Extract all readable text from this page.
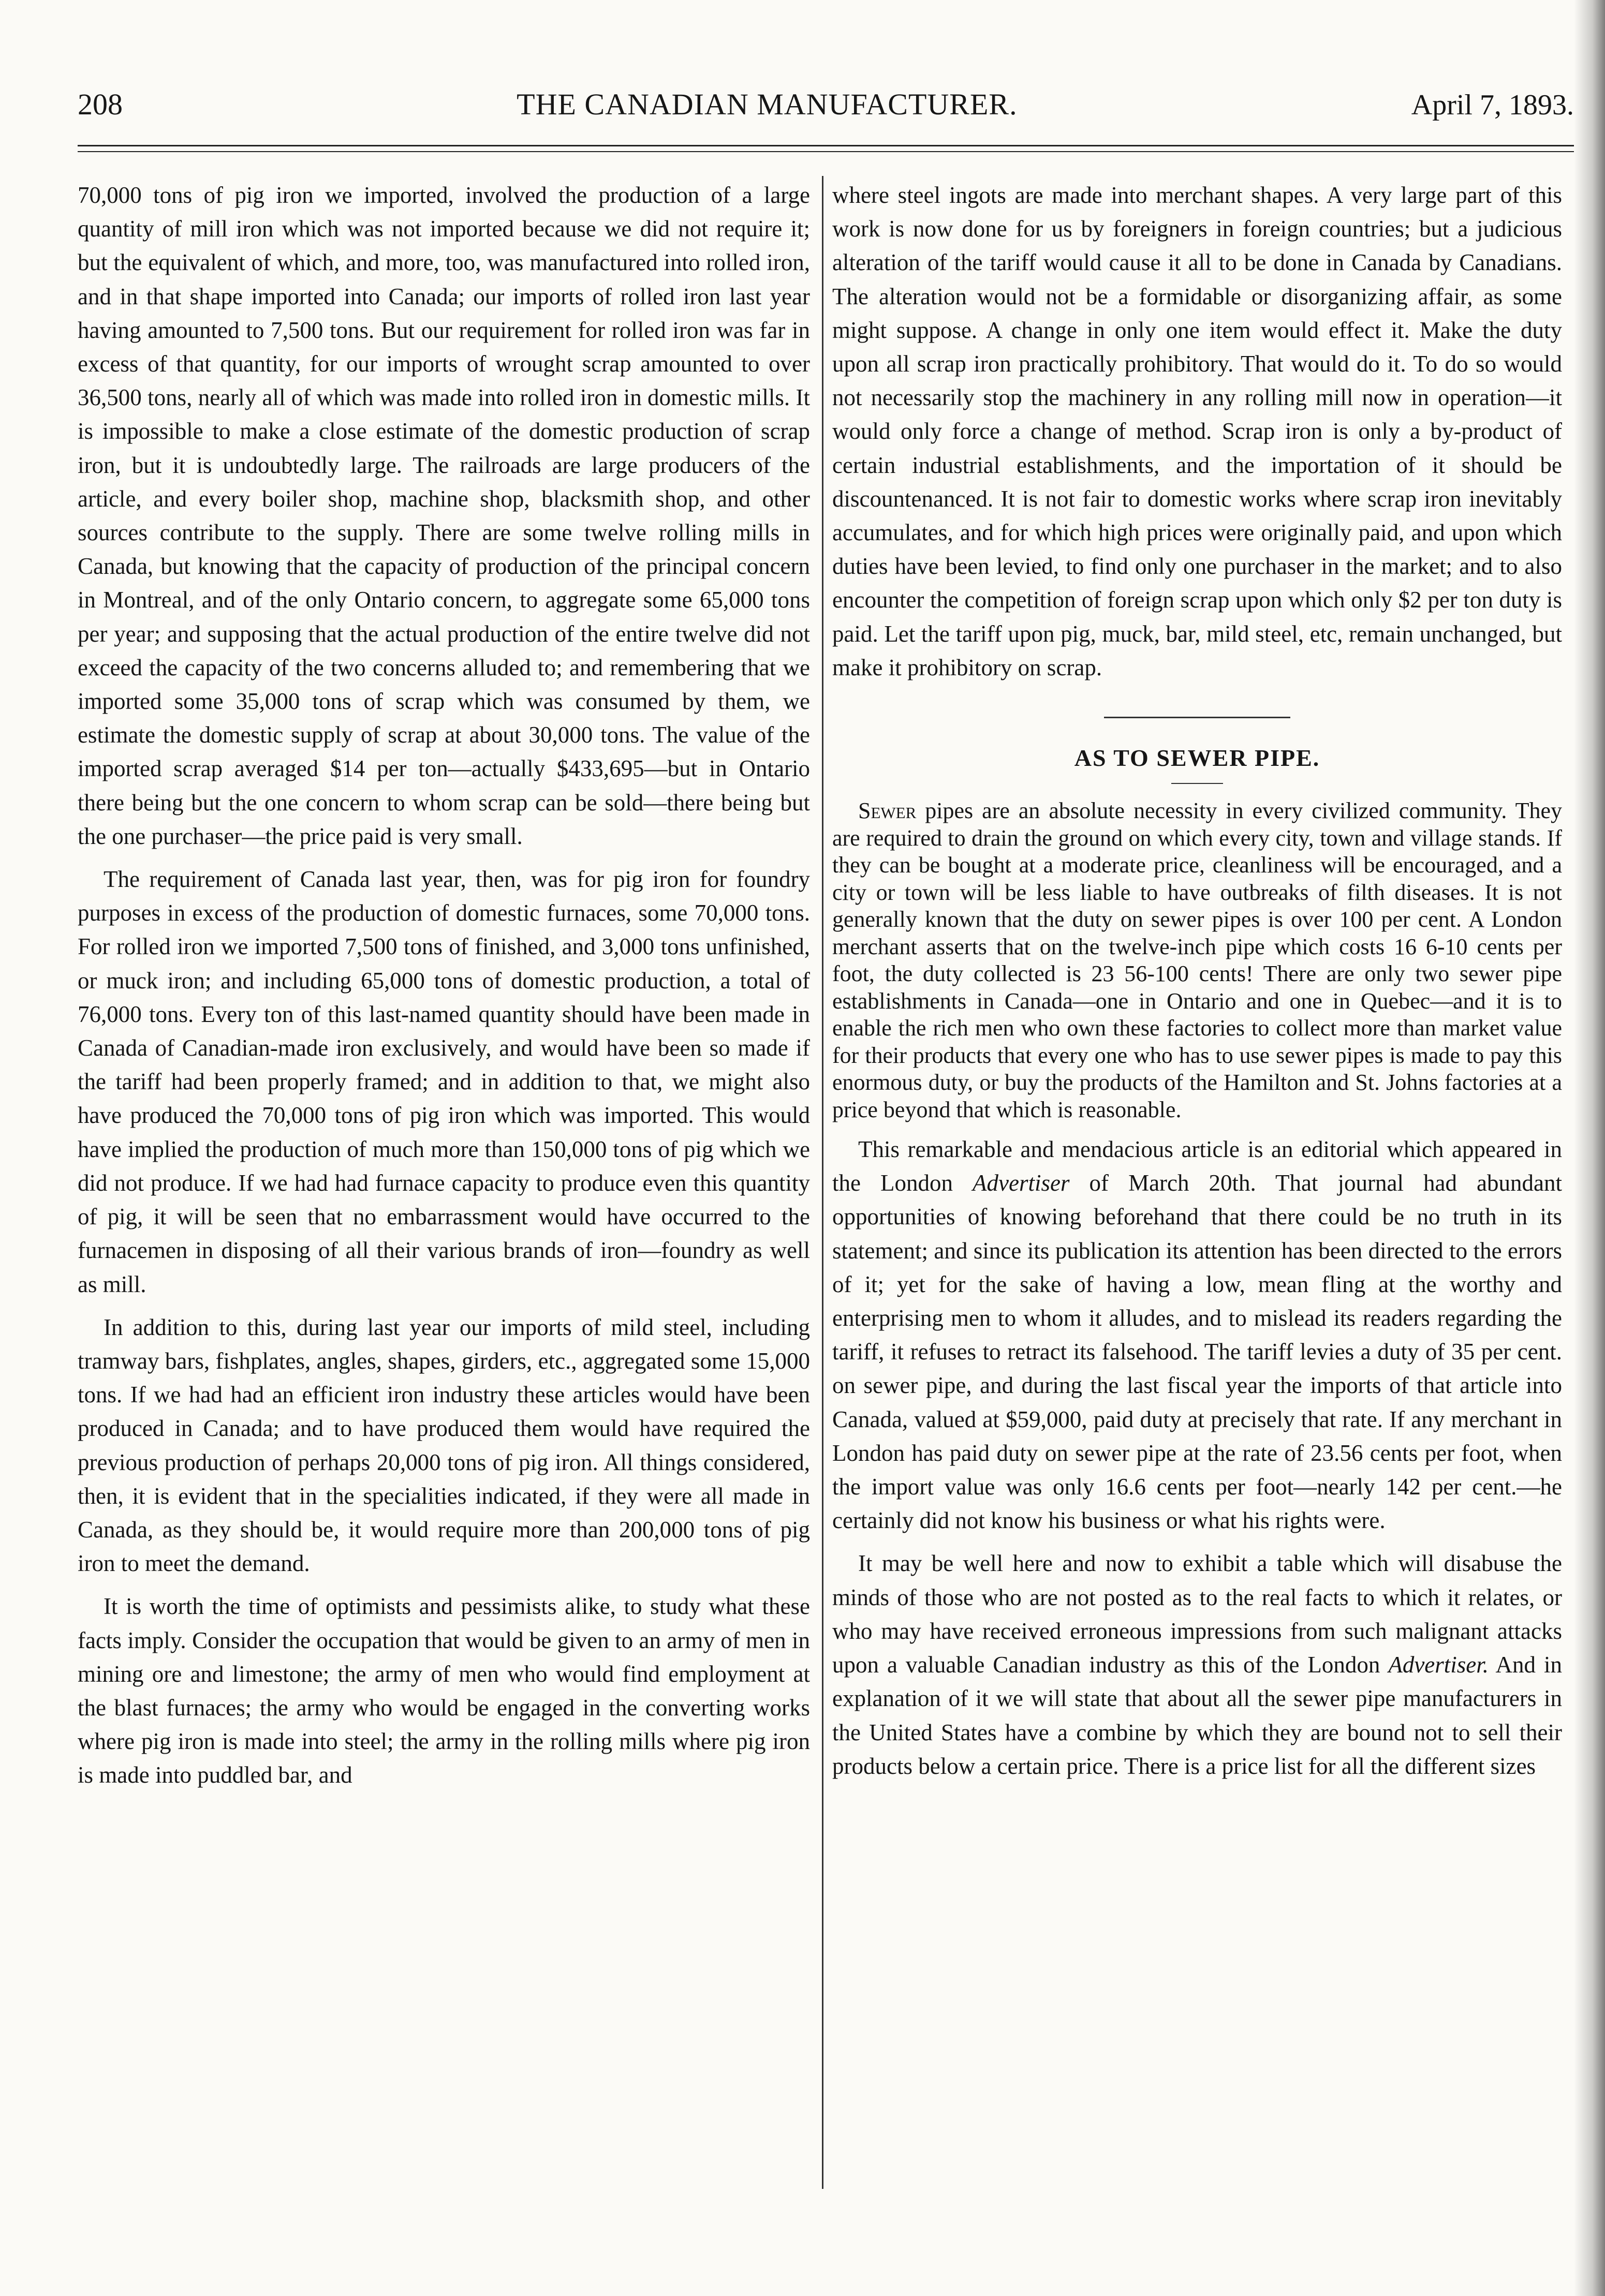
208	THE CANADIAN MANUFACTURER.	April 7, 1893.

70,000 tons of pig iron we imported, involved the production of a large quantity of mill iron which was not imported because we did not require it; but the equivalent of which, and more, too, was manufactured into rolled iron, and in that shape imported into Canada; our imports of rolled iron last year having amounted to 7,500 tons. But our requirement for rolled iron was far in excess of that quantity, for our imports of wrought scrap amounted to over 36,500 tons, nearly all of which was made into rolled iron in domestic mills. It is impossible to make a close estimate of the domestic production of scrap iron, but it is undoubtedly large. The railroads are large producers of the article, and every boiler shop, machine shop, blacksmith shop, and other sources contribute to the supply. There are some twelve rolling mills in Canada, but knowing that the capacity of production of the principal concern in Montreal, and of the only Ontario concern, to aggregate some 65,000 tons per year; and supposing that the actual production of the entire twelve did not exceed the capacity of the two concerns alluded to; and remembering that we imported some 35,000 tons of scrap which was consumed by them, we estimate the domestic supply of scrap at about 30,000 tons. The value of the imported scrap averaged $14 per ton—actually $433,695—but in Ontario there being but the one concern to whom scrap can be sold—there being but the one purchaser—the price paid is very small.

The requirement of Canada last year, then, was for pig iron for foundry purposes in excess of the production of domestic furnaces, some 70,000 tons. For rolled iron we imported 7,500 tons of finished, and 3,000 tons unfinished, or muck iron; and including 65,000 tons of domestic production, a total of 76,000 tons. Every ton of this last-named quantity should have been made in Canada of Canadian-made iron exclusively, and would have been so made if the tariff had been properly framed; and in addition to that, we might also have produced the 70,000 tons of pig iron which was imported. This would have implied the production of much more than 150,000 tons of pig which we did not produce. If we had had furnace capacity to produce even this quantity of pig, it will be seen that no embarrassment would have occurred to the furnacemen in disposing of all their various brands of iron—foundry as well as mill.

In addition to this, during last year our imports of mild steel, including tramway bars, fishplates, angles, shapes, girders, etc., aggregated some 15,000 tons. If we had had an efficient iron industry these articles would have been produced in Canada; and to have produced them would have required the previous production of perhaps 20,000 tons of pig iron. All things considered, then, it is evident that in the specialities indicated, if they were all made in Canada, as they should be, it would require more than 200,000 tons of pig iron to meet the demand.

It is worth the time of optimists and pessimists alike, to study what these facts imply. Consider the occupation that would be given to an army of men in mining ore and limestone; the army of men who would find employment at the blast furnaces; the army who would be engaged in the converting works where pig iron is made into steel; the army in the rolling mills where pig iron is made into puddled bar, and

where steel ingots are made into merchant shapes. A very large part of this work is now done for us by foreigners in foreign countries; but a judicious alteration of the tariff would cause it all to be done in Canada by Canadians. The alteration would not be a formidable or disorganizing affair, as some might suppose. A change in only one item would effect it. Make the duty upon all scrap iron practically prohibitory. That would do it. To do so would not necessarily stop the machinery in any rolling mill now in operation—it would only force a change of method. Scrap iron is only a by-product of certain industrial establishments, and the importation of it should be discountenanced. It is not fair to domestic works where scrap iron inevitably accumulates, and for which high prices were originally paid, and upon which duties have been levied, to find only one purchaser in the market; and to also encounter the competition of foreign scrap upon which only $2 per ton duty is paid. Let the tariff upon pig, muck, bar, mild steel, etc, remain unchanged, but make it prohibitory on scrap.

AS TO SEWER PIPE.

Sewer pipes are an absolute necessity in every civilized community. They are required to drain the ground on which every city, town and village stands. If they can be bought at a moderate price, cleanliness will be encouraged, and a city or town will be less liable to have outbreaks of filth diseases. It is not generally known that the duty on sewer pipes is over 100 per cent. A London merchant asserts that on the twelve-inch pipe which costs 16 6-10 cents per foot, the duty collected is 23 56-100 cents! There are only two sewer pipe establishments in Canada—one in Ontario and one in Quebec—and it is to enable the rich men who own these factories to collect more than market value for their products that every one who has to use sewer pipes is made to pay this enormous duty, or buy the products of the Hamilton and St. Johns factories at a price beyond that which is reasonable.

This remarkable and mendacious article is an editorial which appeared in the London Advertiser of March 20th. That journal had abundant opportunities of knowing beforehand that there could be no truth in its statement; and since its publication its attention has been directed to the errors of it; yet for the sake of having a low, mean fling at the worthy and enterprising men to whom it alludes, and to mislead its readers regarding the tariff, it refuses to retract its falsehood. The tariff levies a duty of 35 per cent. on sewer pipe, and during the last fiscal year the imports of that article into Canada, valued at $59,000, paid duty at precisely that rate. If any merchant in London has paid duty on sewer pipe at the rate of 23.56 cents per foot, when the import value was only 16.6 cents per foot—nearly 142 per cent.—he certainly did not know his business or what his rights were.

It may be well here and now to exhibit a table which will disabuse the minds of those who are not posted as to the real facts to which it relates, or who may have received erroneous impressions from such malignant attacks upon a valuable Canadian industry as this of the London Advertiser. And in explanation of it we will state that about all the sewer pipe manufacturers in the United States have a combine by which they are bound not to sell their products below a certain price. There is a price list for all the different sizes
